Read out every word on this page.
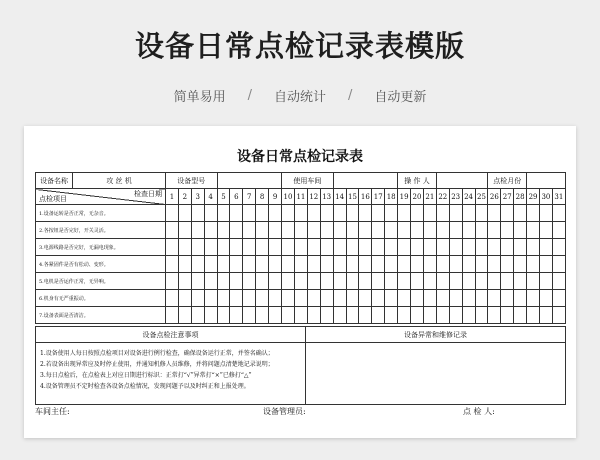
设备日常点检记录表模版
简单易用 / 自动统计 / 自动更新
设备日常点检记录表
设备名称	攻 丝 机	设备型号									使用车间									操 作 人							点检月份					

检查日期
点检项目		1	2	3	4	5	6	7	8	9	10	11	12	13	14	15	16	17	18	19	20	21	22	23	24	25	26	27	28	29	30	31
1.设备运转是否正常，无杂音。																																
2.各按钮是否完好，开关灵活。																																
3.电源线路是否完好，无漏电现象。																																
4.各紧固件是否有松动、变形。																																
5.电机是否运作正常，无异响。																																
6.机身有无严重振动。																																
7.设备表面是否清洁。																																
设备点检注意事项	设备异常和维修记录

1.设备使用人每日按照点检项目对设备进行例行检查，确保设备运行正常，并签名确认；
2.若设备出现异常应及时停止使用，并通知机修人员维修，并将问题点清楚地记录说明；
3.每日点检后，在点检表上对应日期进行标识：正常打“√”异常打“×”已修打“△”
4.设备管理员不定时检查各设备点检情况，发现问题予以及时纠正和上报处理。	

车间主任:	设备管理员:	点 检 人:
